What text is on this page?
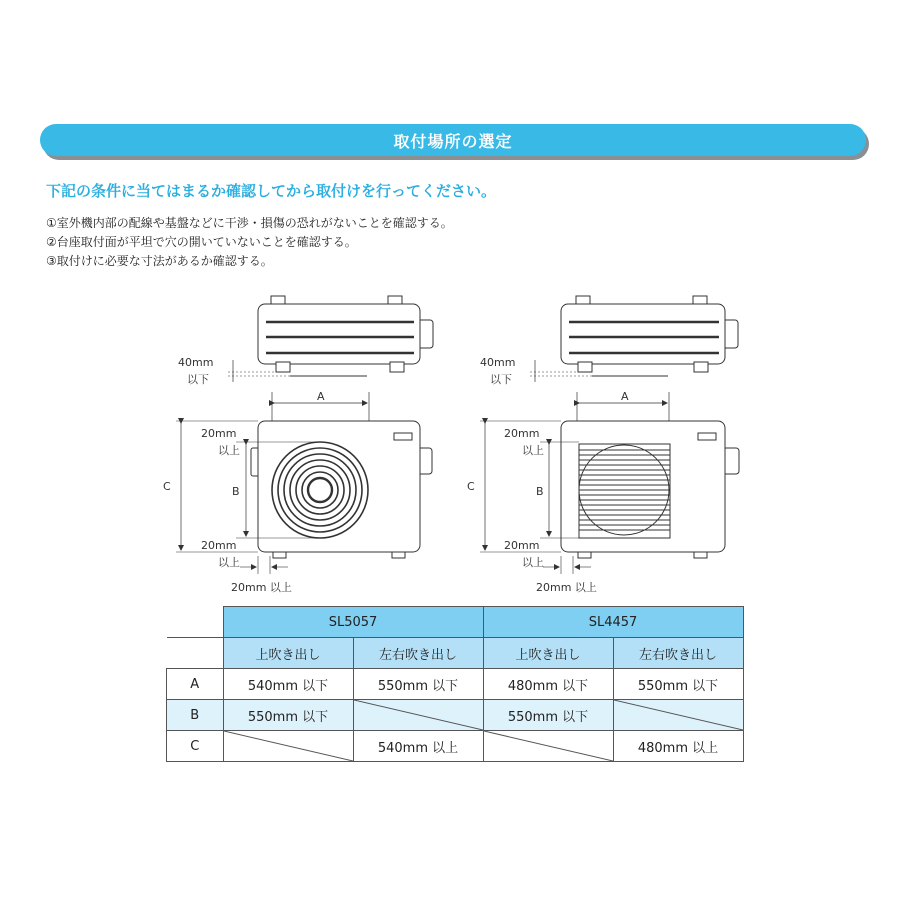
取付場所の選定
下記の条件に当てはまるか確認してから取付けを行ってください。
①室外機内部の配線や基盤などに干渉・損傷の恐れがないことを確認する。
②台座取付面が平坦で穴の開いていないことを確認する。
③取付けに必要な寸法があるか確認する。
40mm
以下
A
C	B
20mm
以上
20mm
以上
20mm 以上
40mm
以下
A
C	B
20mm
以上
20mm
以上
20mm 以上
	SL5057		SL4457	
	上吹き出し	左右吹き出し	上吹き出し	左右吹き出し
A	540mm 以下	550mm 以下	480mm 以下	550mm 以下
B	550mm 以下		550mm 以下	

C		540mm 以上		480mm 以上
